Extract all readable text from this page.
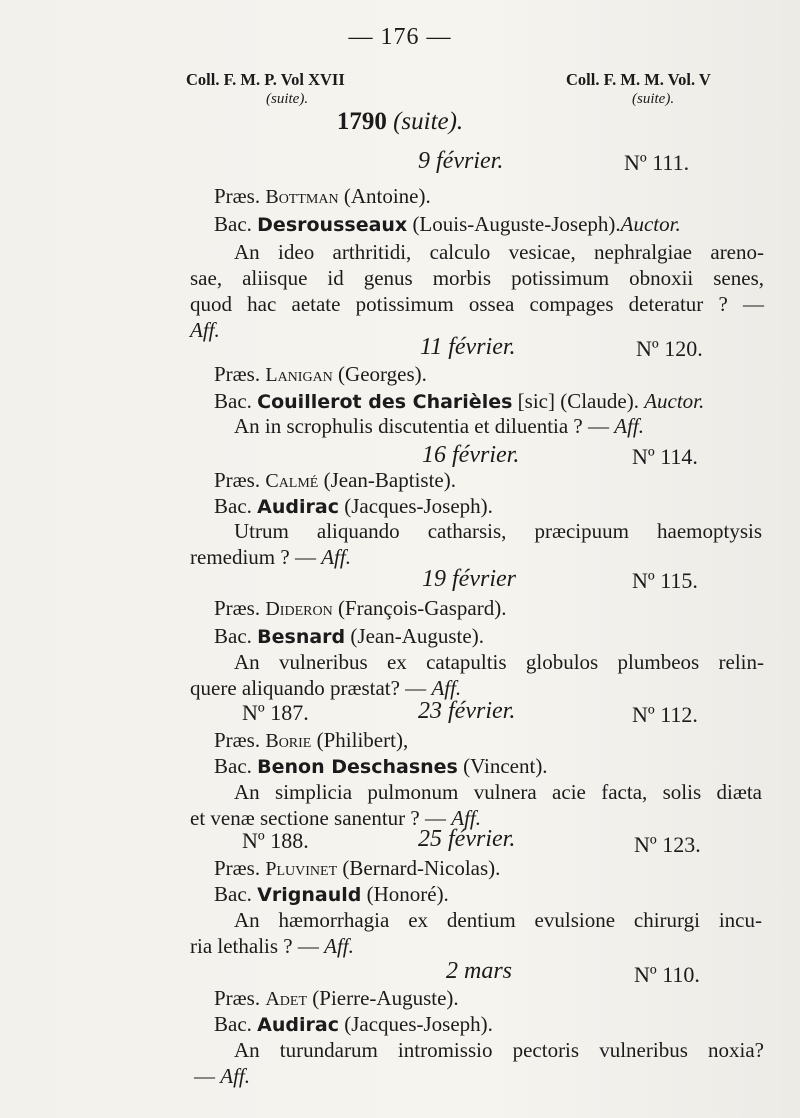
— 176 —
Coll. F. M. P. Vol XVII
(suite).
Coll. F. M. M. Vol. V
(suite).
1790 (suite).
9 février.	Nº 111.
Præs. Bottman (Antoine).
Bac. Desrousseaux (Louis-Auguste-Joseph).Auctor.
An ideo arthritidi, calculo vesicae, nephralgiae areno-
sae, aliisque id genus morbis potissimum obnoxii senes,
quod hac aetate potissimum ossea compages deteratur ? —
Aff.
11 février.	Nº 120.
Præs. Lanigan (Georges).
Bac. Couillerot des Charièles [sic] (Claude). Auctor.
An in scrophulis discutentia et diluentia ? — Aff.
16 février.	Nº 114.
Præs. Calmé (Jean-Baptiste).
Bac. Audirac (Jacques-Joseph).
Utrum aliquando catharsis, præcipuum haemoptysis
remedium ? — Aff.
19 février	Nº 115.
Præs. Dideron (François-Gaspard).
Bac. Besnard (Jean-Auguste).
An vulneribus ex catapultis globulos plumbeos relin-
quere aliquando præstat? — Aff.
Nº 187.	23 février.	Nº 112.
Præs. Borie (Philibert),
Bac. Benon Deschasnes (Vincent).
An simplicia pulmonum vulnera acie facta, solis diæta
et venæ sectione sanentur ? — Aff.
Nº 188.	25 février.	Nº 123.
Præs. Pluvinet (Bernard-Nicolas).
Bac. Vrignauld (Honoré).
An hæmorrhagia ex dentium evulsione chirurgi incu-
ria lethalis ? — Aff.
2 mars	Nº 110.
Præs. Adet (Pierre-Auguste).
Bac. Audirac (Jacques-Joseph).
An turundarum intromissio pectoris vulneribus noxia?
— Aff.
